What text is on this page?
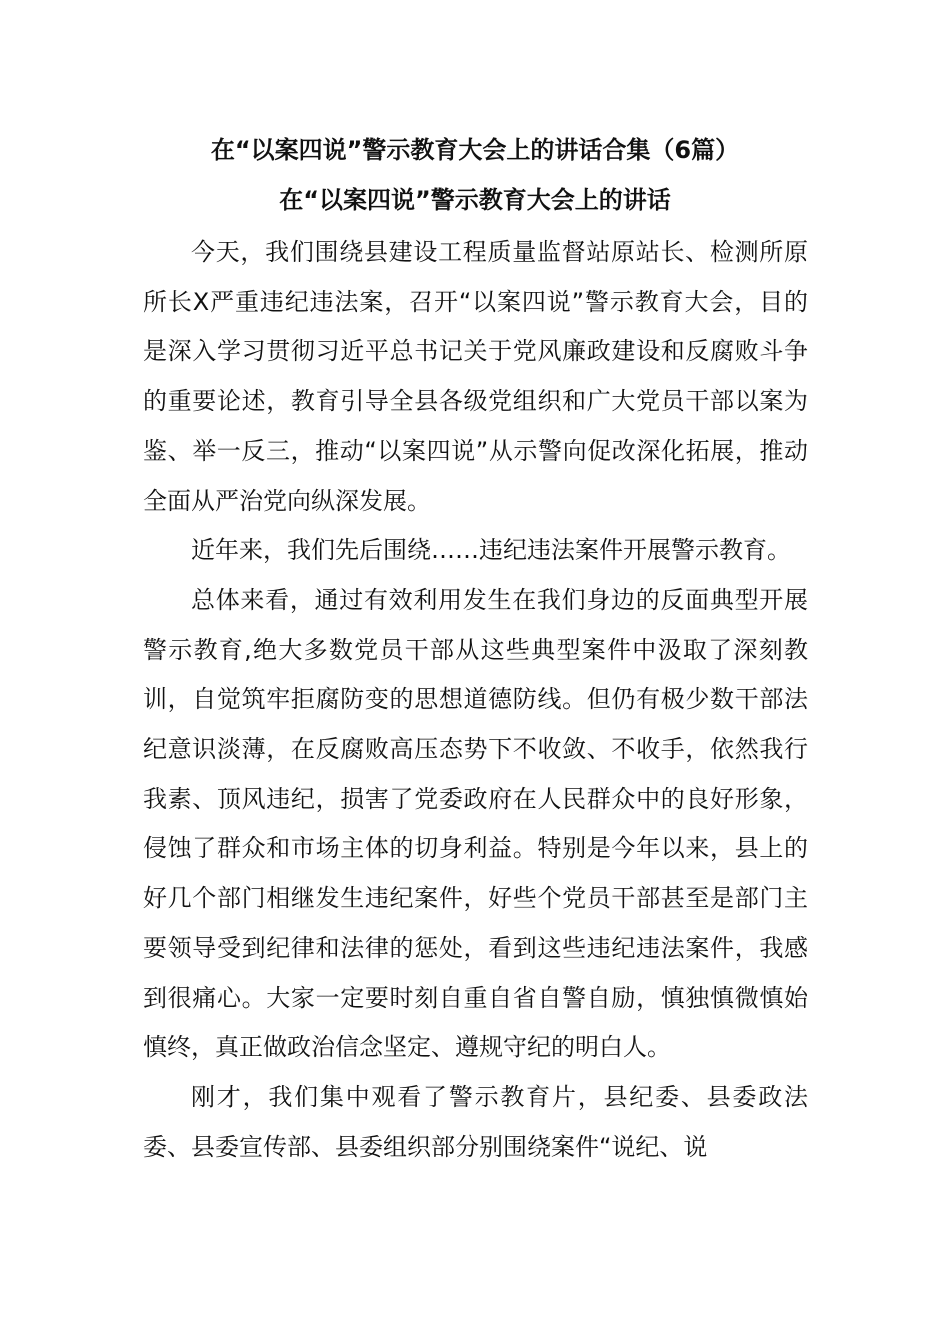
在“以案四说”警示教育大会上的讲话合集（6篇）
在“以案四说”警示教育大会上的讲话

今天，我们围绕县建设工程质量监督站原站长、检测所原所长X严重违纪违法案，召开“以案四说”警示教育大会，目的是深入学习贯彻习近平总书记关于党风廉政建设和反腐败斗争的重要论述，教育引导全县各级党组织和广大党员干部以案为鉴、举一反三，推动“以案四说”从示警向促改深化拓展，推动全面从严治党向纵深发展。

近年来，我们先后围绕……违纪违法案件开展警示教育。

总体来看，通过有效利用发生在我们身边的反面典型开展警示教育,绝大多数党员干部从这些典型案件中汲取了深刻教训，自觉筑牢拒腐防变的思想道德防线。但仍有极少数干部法纪意识淡薄，在反腐败高压态势下不收敛、不收手，依然我行我素、顶风违纪，损害了党委政府在人民群众中的良好形象，侵蚀了群众和市场主体的切身利益。特别是今年以来，县上的好几个部门相继发生违纪案件，好些个党员干部甚至是部门主要领导受到纪律和法律的惩处，看到这些违纪违法案件，我感到很痛心。大家一定要时刻自重自省自警自励，慎独慎微慎始慎终，真正做政治信念坚定、遵规守纪的明白人。

刚才，我们集中观看了警示教育片，县纪委、县委政法委、县委宣传部、县委组织部分别围绕案件“说纪、说
